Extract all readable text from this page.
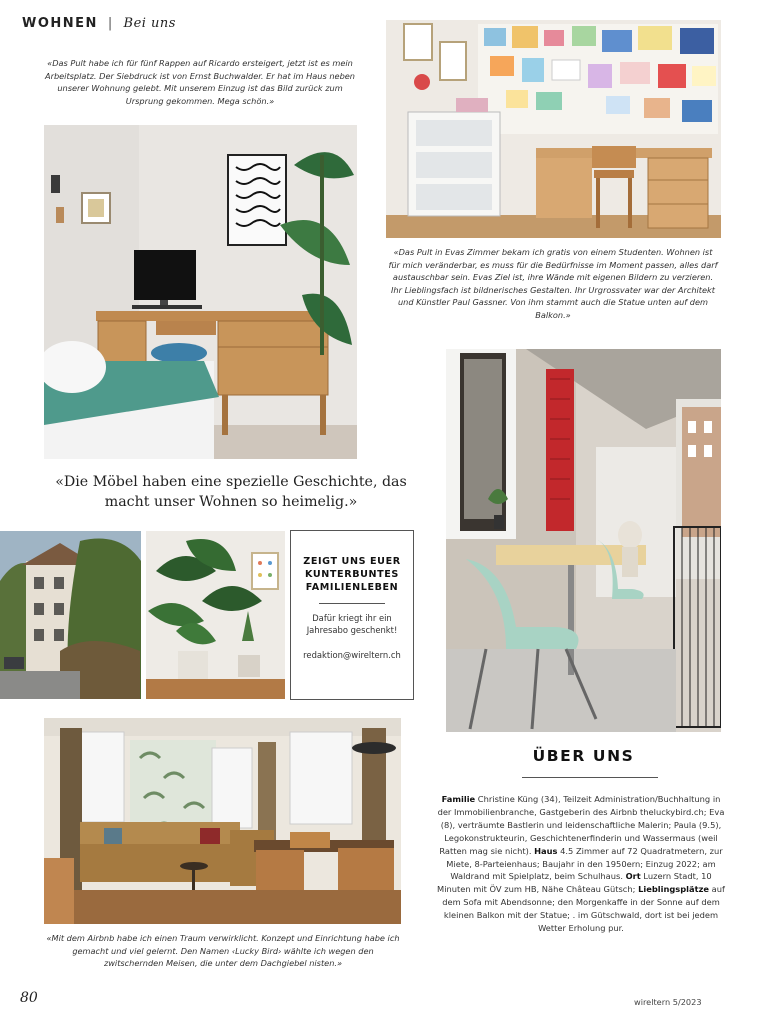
WOHNEN | Bei uns
«Das Pult habe ich für fünf Rappen auf Ricardo ersteigert, jetzt ist es mein Arbeitsplatz. Der Siebdruck ist von Ernst Buchwalder. Er hat im Haus neben unserer Wohnung gelebt. Mit unserem Einzug ist das Bild zurück zum Ursprung gekommen. Mega schön.»
«Das Pult in Evas Zimmer bekam ich gratis von einem Studenten. Wohnen ist für mich veränderbar, es muss für die Bedürfnisse im Moment passen, alles darf austauschbar sein. Evas Ziel ist, ihre Wände mit eigenen Bildern zu verzieren. Ihr Lieblingsfach ist bildnerisches Gestalten. Ihr Urgrossvater war der Architekt und Künstler Paul Gassner. Von ihm stammt auch die Statue unten auf dem Balkon.»
«Die Möbel haben eine spezielle Geschichte, das macht unser Wohnen so heimelig.»
ZEIGT UNS EUER KUNTERBUNTES FAMILIENLEBEN
Dafür kriegt ihr ein Jahresabo geschenkt!
redaktion@wireltern.ch
«Mit dem Airbnb habe ich einen Traum verwirklicht. Konzept und Einrichtung habe ich gemacht und viel gelernt. Den Namen ‹Lucky Bird› wählte ich wegen den zwitschernden Meisen, die unter dem Dachgiebel nisten.»
ÜBER UNS
Familie Christine Küng (34), Teilzeit Administration/Buchhaltung in der Immobilienbranche, Gastgeberin des Airbnb theluckybird.ch; Eva (8), verträumte Bastlerin und leidenschaftliche Malerin; Paula (9.5), Legokonstrukteurin, Geschichtenerfinderin und Wassermaus (weil Ratten mag sie nicht). Haus 4.5 Zimmer auf 72 Quadratmetern, zur Miete, 8-Parteienhaus; Baujahr in den 1950ern; Einzug 2022; am Waldrand mit Spielplatz, beim Schulhaus. Ort Luzern Stadt, 10 Minuten mit ÖV zum HB, Nähe Château Gütsch; Lieblingsplätze auf dem Sofa mit Abendsonne; den Morgenkaffe in der Sonne auf dem kleinen Balkon mit der Statue; . im Gütschwald, dort ist bei jedem Wetter Erholung pur.
80	wireltern 5/2023
